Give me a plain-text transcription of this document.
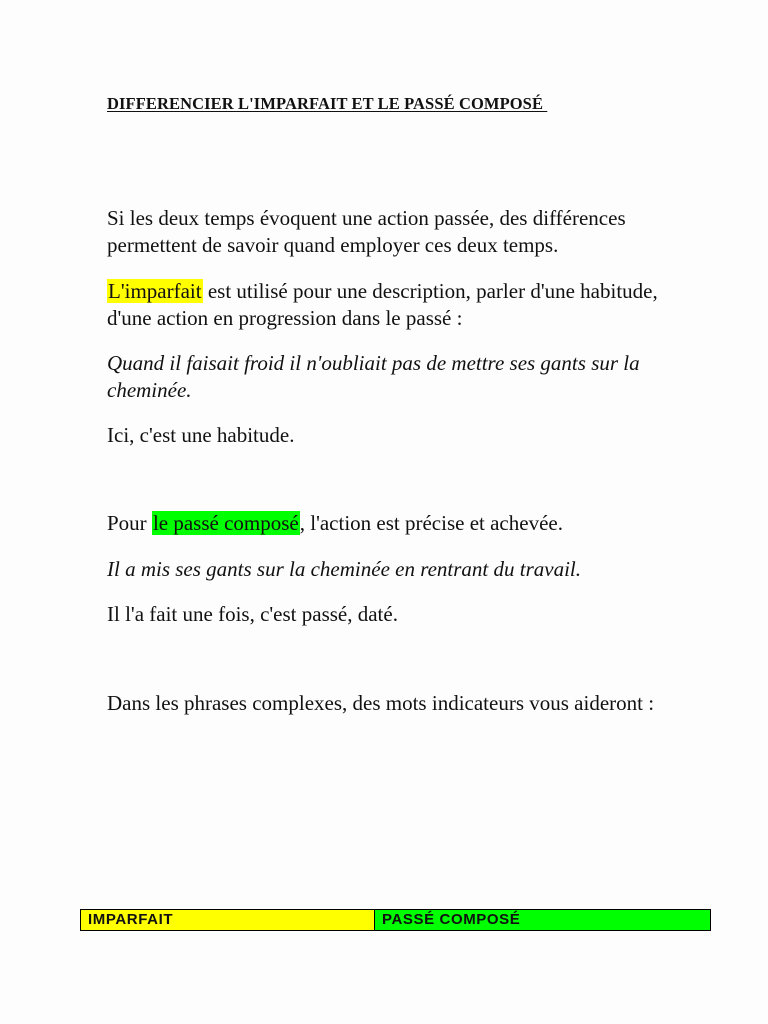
DIFFERENCIER L'IMPARFAIT ET LE PASSÉ COMPOSÉ
Si les deux temps évoquent une action passée, des différences permettent de savoir quand employer ces deux temps.
L'imparfait est utilisé pour une description, parler d'une habitude, d'une action en progression dans le passé :
Quand il faisait froid il n'oubliait pas de mettre ses gants sur la cheminée.
Ici, c'est une habitude.
Pour le passé composé, l'action est précise et achevée.
Il a mis ses gants sur la cheminée en rentrant du travail.
Il l'a fait une fois, c'est passé, daté.
Dans les phrases complexes, des mots indicateurs vous aideront :
IMPARFAIT	PASSÉ COMPOSÉ
